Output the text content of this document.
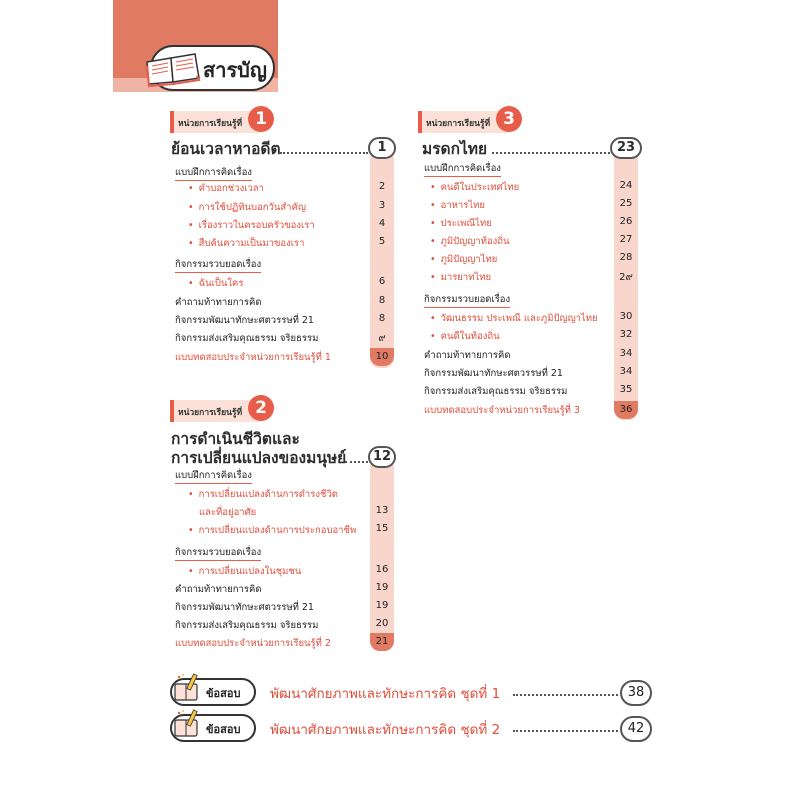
สารบัญ
หน่วยการเรียนรู้ที่ 1
ย้อนเวลาหาอดีต	1
แบบฝึกการคิดเรื่อง
• คำบอกช่วงเวลา	2
• การใช้ปฏิทินบอกวันสำคัญ	3
• เรื่องราวในครอบครัวของเรา	4
• สืบค้นความเป็นมาของเรา	5
กิจกรรมรวบยอดเรื่อง
• ฉันเป็นใคร	6
คำถามท้าทายการคิด	8
กิจกรรมพัฒนาทักษะศตวรรษที่ 21	8
กิจกรรมส่งเสริมคุณธรรม จริยธรรม	๙
แบบทดสอบประจำหน่วยการเรียนรู้ที่ 1	10
หน่วยการเรียนรู้ที่ 2
การดำเนินชีวิตและ
การเปลี่ยนแปลงของมนุษย์	12
แบบฝึกการคิดเรื่อง
• การเปลี่ยนแปลงด้านการดำรงชีวิต
และที่อยู่อาศัย	13
• การเปลี่ยนแปลงด้านการประกอบอาชีพ	15
กิจกรรมรวบยอดเรื่อง
• การเปลี่ยนแปลงในชุมชน	16
คำถามท้าทายการคิด	19
กิจกรรมพัฒนาทักษะศตวรรษที่ 21	19
กิจกรรมส่งเสริมคุณธรรม จริยธรรม	20
แบบทดสอบประจำหน่วยการเรียนรู้ที่ 2	21
หน่วยการเรียนรู้ที่ 3
มรดกไทย	23
แบบฝึกการคิดเรื่อง
• คนดีในประเทศไทย	24
• อาหารไทย	25
• ประเพณีไทย	26
• ภูมิปัญญาท้องถิ่น	27
• ภูมิปัญญาไทย	28
• มารยาทไทย	2๙
กิจกรรมรวบยอดเรื่อง
• วัฒนธรรม ประเพณี และภูมิปัญญาไทย	30
• คนดีในท้องถิ่น	32
คำถามท้าทายการคิด	34
กิจกรรมพัฒนาทักษะศตวรรษที่ 21	34
กิจกรรมส่งเสริมคุณธรรม จริยธรรม	35
แบบทดสอบประจำหน่วยการเรียนรู้ที่ 3	36
ข้อสอบ พัฒนาศักยภาพและทักษะการคิด ชุดที่ 1	38
ข้อสอบ พัฒนาศักยภาพและทักษะการคิด ชุดที่ 2	42
